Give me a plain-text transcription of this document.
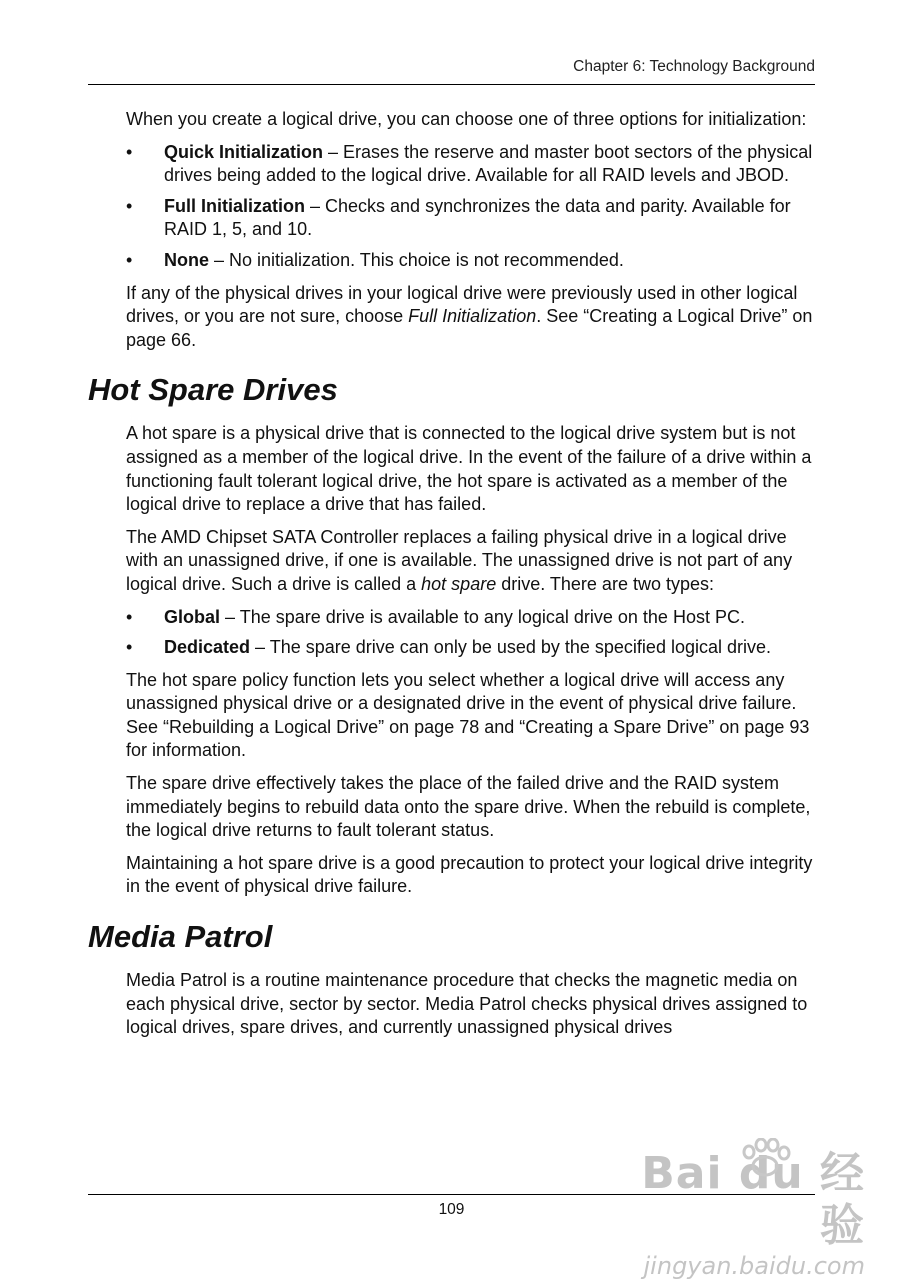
Chapter 6: Technology Background

When you create a logical drive, you can choose one of three options for initialization:

• Quick Initialization – Erases the reserve and master boot sectors of the physical drives being added to the logical drive. Available for all RAID levels and JBOD.
• Full Initialization – Checks and synchronizes the data and parity. Available for RAID 1, 5, and 10.
• None – No initialization. This choice is not recommended.

If any of the physical drives in your logical drive were previously used in other logical drives, or you are not sure, choose Full Initialization. See “Creating a Logical Drive” on page 66.

Hot Spare Drives

A hot spare is a physical drive that is connected to the logical drive system but is not assigned as a member of the logical drive. In the event of the failure of a drive within a functioning fault tolerant logical drive, the hot spare is activated as a member of the logical drive to replace a drive that has failed.

The AMD Chipset SATA Controller replaces a failing physical drive in a logical drive with an unassigned drive, if one is available. The unassigned drive is not part of any logical drive. Such a drive is called a hot spare drive. There are two types:

• Global – The spare drive is available to any logical drive on the Host PC.
• Dedicated – The spare drive can only be used by the specified logical drive.

The hot spare policy function lets you select whether a logical drive will access any unassigned physical drive or a designated drive in the event of physical drive failure. See “Rebuilding a Logical Drive” on page 78 and “Creating a Spare Drive” on page 93 for information.

The spare drive effectively takes the place of the failed drive and the RAID system immediately begins to rebuild data onto the spare drive. When the rebuild is complete, the logical drive returns to fault tolerant status.

Maintaining a hot spare drive is a good precaution to protect your logical drive integrity in the event of physical drive failure.

Media Patrol

Media Patrol is a routine maintenance procedure that checks the magnetic media on each physical drive, sector by sector. Media Patrol checks physical drives assigned to logical drives, spare drives, and currently unassigned physical drives

109
Bai du 经验
jingyan.baidu.com
